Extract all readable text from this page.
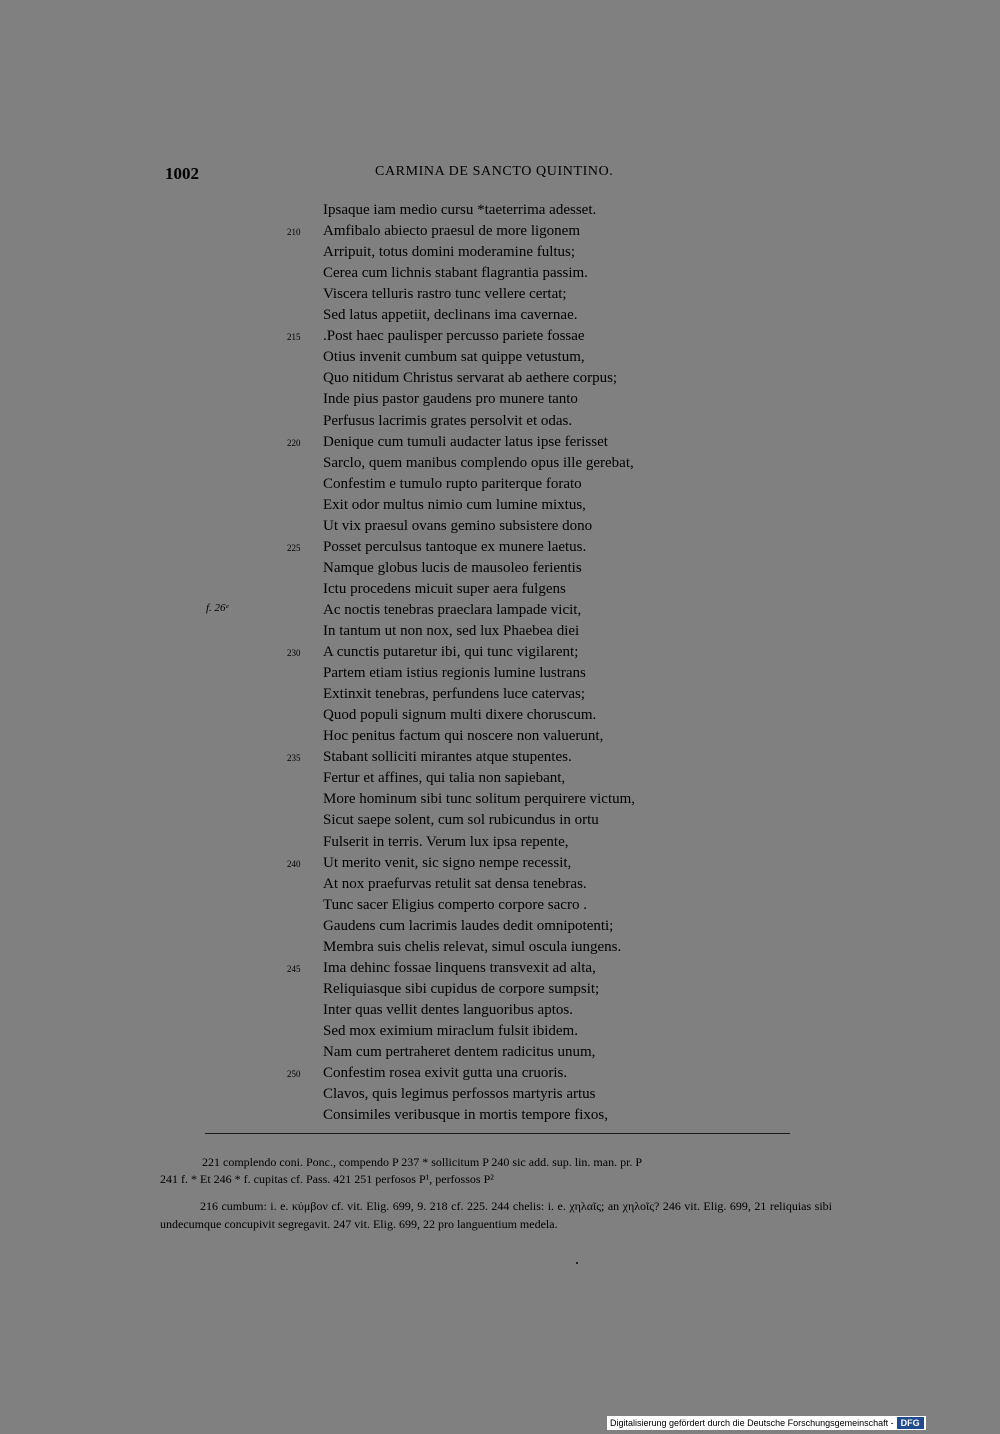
1002	CARMINA DE SANCTO QUINTINO.
Ipsaque iam medio cursu *taeterrima adesset.
Amfibalo abiecto praesul de more ligonem
210
Arripuit, totus domini moderamine fultus;
Cerea cum lichnis stabant flagrantia passim.
Viscera telluris rastro tunc vellere certat;
Sed latus appetiit, declinans ima cavernae.
.Post haec paulisper percusso pariete fossae
215
Otius invenit cumbum sat quippe vetustum,
Quo nitidum Christus servarat ab aethere corpus;
Inde pius pastor gaudens pro munere tanto
Perfusus lacrimis grates persolvit et odas.
Denique cum tumuli audacter latus ipse ferisset
220
Sarclo, quem manibus complendo opus ille gerebat,
Confestim e tumulo rupto pariterque forato
Exit odor multus nimio cum lumine mixtus,
Ut vix praesul ovans gemino subsistere dono
Posset perculsus tantoque ex munere laetus.
225
Namque globus lucis de mausoleo ferientis
Ictu procedens micuit super aera fulgens
Ac noctis tenebras praeclara lampade vicit,
In tantum ut non nox, sed lux Phaebea diei
A cunctis putaretur ibi, qui tunc vigilarent;
230
Partem etiam istius regionis lumine lustrans
Extinxit tenebras, perfundens luce catervas;
Quod populi signum multi dixere choruscum.
Hoc penitus factum qui noscere non valuerunt,
Stabant solliciti mirantes atque stupentes.
235
Fertur et affines, qui talia non sapiebant,
More hominum sibi tunc solitum perquirere victum,
Sicut saepe solent, cum sol rubicundus in ortu
Fulserit in terris. Verum lux ipsa repente,
Ut merito venit, sic signo nempe recessit,
240
At nox praefurvas retulit sat densa tenebras.
Tunc sacer Eligius comperto corpore sacro .
Gaudens cum lacrimis laudes dedit omnipotenti;
Membra suis chelis relevat, simul oscula iungens.
Ima dehinc fossae linquens transvexit ad alta,
245
Reliquiasque sibi cupidus de corpore sumpsit;
Inter quas vellit dentes languoribus aptos.
Sed mox eximium miraclum fulsit ibidem.
Nam cum pertraheret dentem radicitus unum,
Confestim rosea exivit gutta una cruoris.
250
Clavos, quis legimus perfossos martyris artus
Consimiles veribusque in mortis tempore fixos,
f. 26ᵉ
221 complendo coni. Ponc., compendo P 237 * sollicitum P 240 sic add. sup. lin. man. pr. P
241 f. * Et 246 * f. cupitas cf. Pass. 421 251 perfosos P¹, perfossos P²
216 cumbum: i. e. κύμβον cf. vit. Elig. 699, 9. 218 cf. 225. 244 chelis: i. e. χηλαῖς; an χηλοῖς? 246 vit. Elig. 699, 21 reliquias sibi undecumque concupivit segregavit. 247 vit. Elig. 699, 22 pro languentium medela.
Digitalisierung gefördert durch die Deutsche Forschungsgemeinschaft - DFG
